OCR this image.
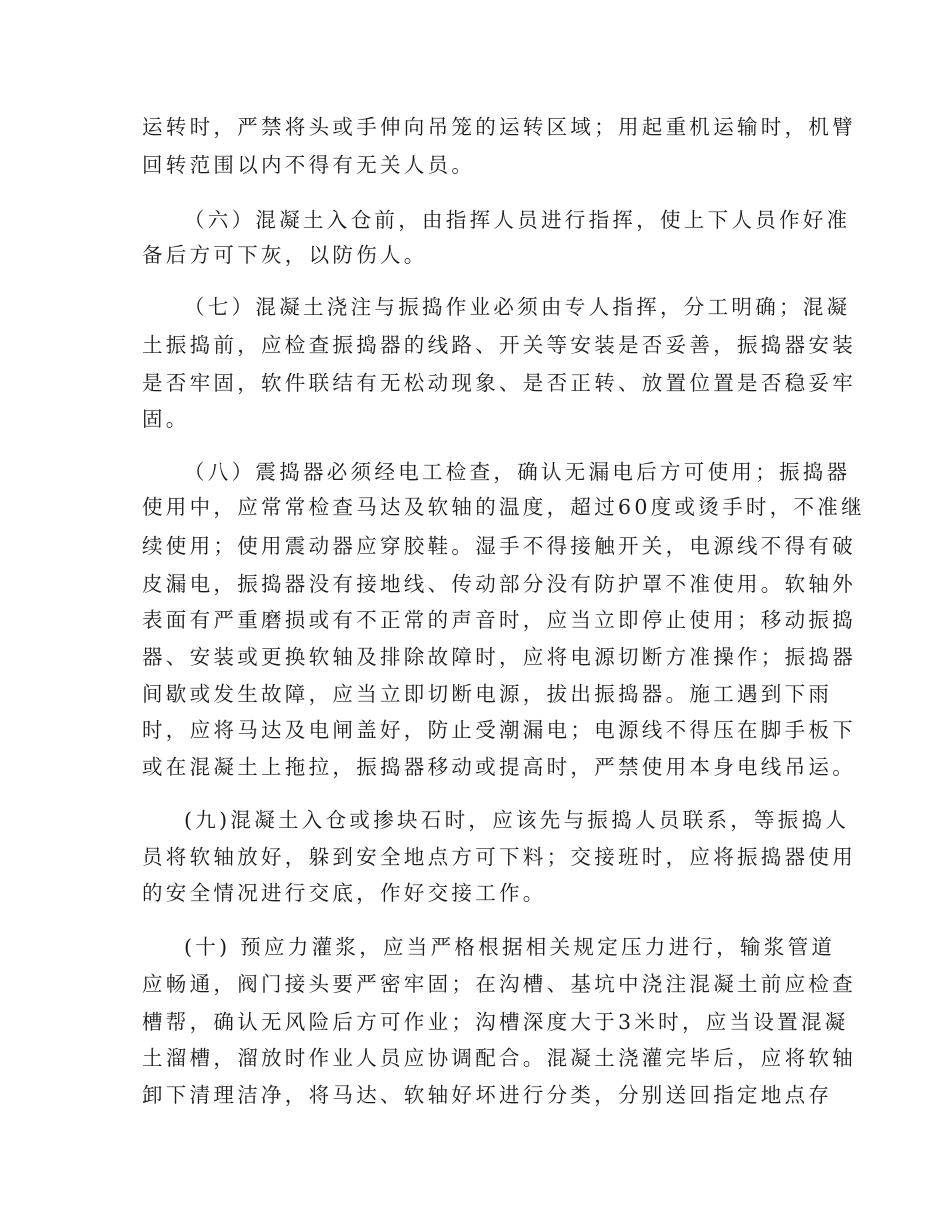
运转时，严禁将头或手伸向吊笼的运转区域；用起重机运输时，机臂

回转范围以内不得有无关人员。

（六）混凝土入仓前，由指挥人员进行指挥，使上下人员作好准

备后方可下灰，以防伤人。

（七）混凝土浇注与振捣作业必须由专人指挥，分工明确；混凝

土振捣前，应检查振捣器的线路、开关等安装是否妥善，振捣器安装

是否牢固，软件联结有无松动现象、是否正转、放置位置是否稳妥牢

固。

（八）震捣器必须经电工检查，确认无漏电后方可使用；振捣器

使用中，应常常检查马达及软轴的温度，超过60度或烫手时，不准继

续使用；使用震动器应穿胶鞋。湿手不得接触开关，电源线不得有破

皮漏电，振捣器没有接地线、传动部分没有防护罩不准使用。软轴外

表面有严重磨损或有不正常的声音时，应当立即停止使用；移动振捣

器、安装或更换软轴及排除故障时，应将电源切断方准操作；振捣器

间歇或发生故障，应当立即切断电源，拔出振捣器。施工遇到下雨

时，应将马达及电闸盖好，防止受潮漏电；电源线不得压在脚手板下

或在混凝土上拖拉，振捣器移动或提高时，严禁使用本身电线吊运。

(九)混凝土入仓或掺块石时，应该先与振捣人员联系，等振捣人

员将软轴放好，躲到安全地点方可下料；交接班时，应将振捣器使用

的安全情况进行交底，作好交接工作。

(十) 预应力灌浆，应当严格根据相关规定压力进行，输浆管道

应畅通，阀门接头要严密牢固；在沟槽、基坑中浇注混凝土前应检查

槽帮，确认无风险后方可作业；沟槽深度大于3米时，应当设置混凝

土溜槽，溜放时作业人员应协调配合。混凝土浇灌完毕后，应将软轴

卸下清理洁净，将马达、软轴好坏进行分类，分别送回指定地点存
